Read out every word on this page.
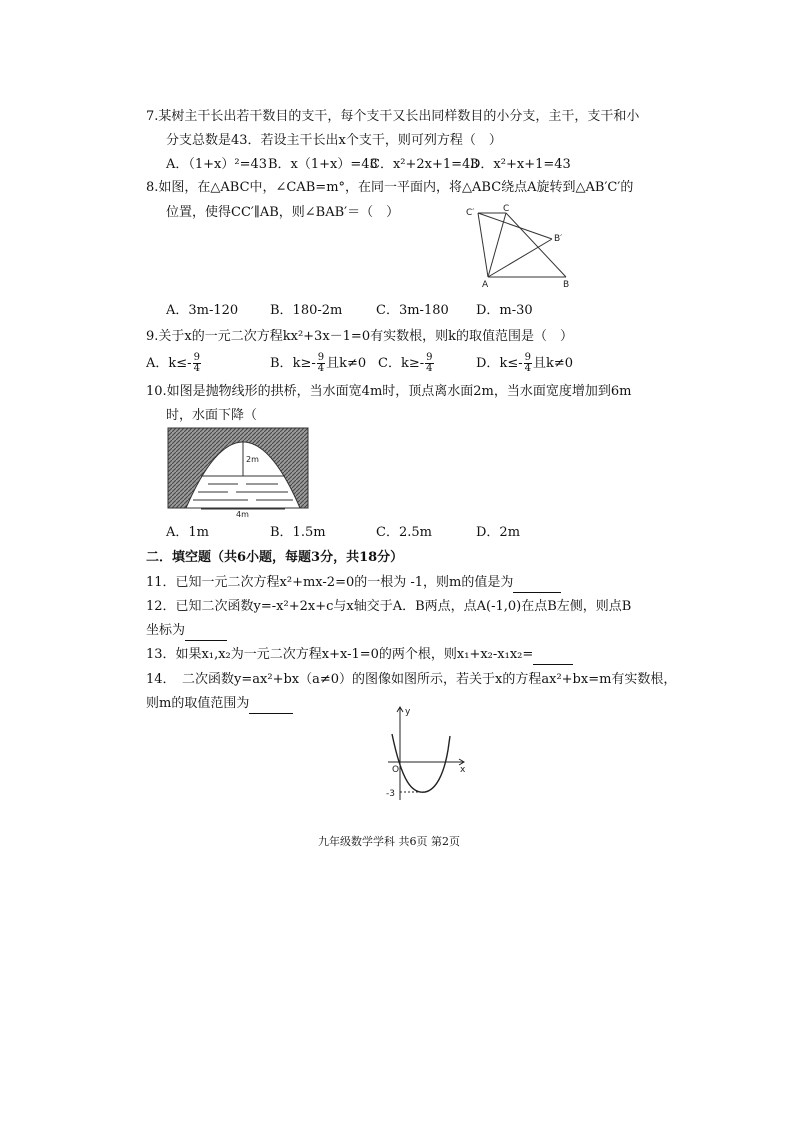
7.某树主干长出若干数目的支干，每个支干又长出同样数目的小分支，主干，支干和小
分支总数是43．若设主干长出x个支干，则可列方程（　）
A．（1+x）²=43 B．x（1+x）=43
C．x²+2x+1=43
D．x²+x+1=43
8.如图，在△ABC中，∠CAB=m°，在同一平面内，将△ABC绕点A旋转到△AB′C′的
位置，使得CC′∥AB，则∠BAB′＝（　）	C′	C
B′
A	B
A．3m-120 B．180-2m	C．3m-180 D．m-30
9.关于x的一元二次方程kx²+3x－1=0有实数根，则k的取值范围是（　）
A．$k\le- \frac{9}{4}$	B．$k\ge- \frac{9}{4}$ 且k≠0 C．$k\ge- \frac{9}{4}$	D．$k\le- \frac{9}{4}$ 且k≠0
10.如图是抛物线形的拱桥，当水面宽4m时，顶点离水面2m，当水面宽度增加到6m
时，水面下降（
2m
4m
A．1m	B．1.5m	C．2.5m	D．2m
二．填空题（共6小题，每题3分，共18分）
11．已知一元二次方程x²+mx-2=0的一根为 -1，则m的值是为
12．已知二次函数y=-x²+2x+c与x轴交于A．B两点，点A(-1,0)在点B左侧，则点B
坐标为
13．如果x₁,x₂为一元二次方程x+x-1=0的两个根，则x₁+x₂-x₁x₂=
14．　二次函数y=ax²+bx（a≠0）的图像如图所示，若关于x的方程ax²+bx=m有实数根，
则m的取值范围为
y
x
O
-3
九年级数学学科 共6页 第2页
